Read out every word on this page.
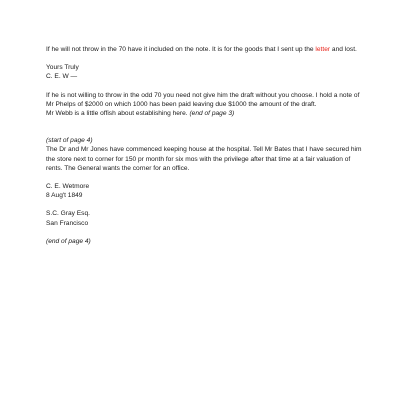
If he will not throw in the 70 have it included on the note. It is for the goods that I sent up the letter and lost.

Yours Truly

C. E. W —

If he is not willing to throw in the odd 70 you need not give him the draft without you choose. I hold a note of Mr Phelps of $2000 on which 1000 has been paid leaving due $1000 the amount of the draft.

Mr Webb is a little offish about establishing here. (end of page 3)

(start of page 4)

The Dr and Mr Jones have commenced keeping house at the hospital. Tell Mr Bates that I have secured him the store next to corner for 150 pr month for six mos with the privilege after that time at a fair valuation of rents. The General wants the corner for an office.

C. E. Wetmore

8 Aug't 1849

S.C. Gray Esq.

San Francisco

(end of page 4)
